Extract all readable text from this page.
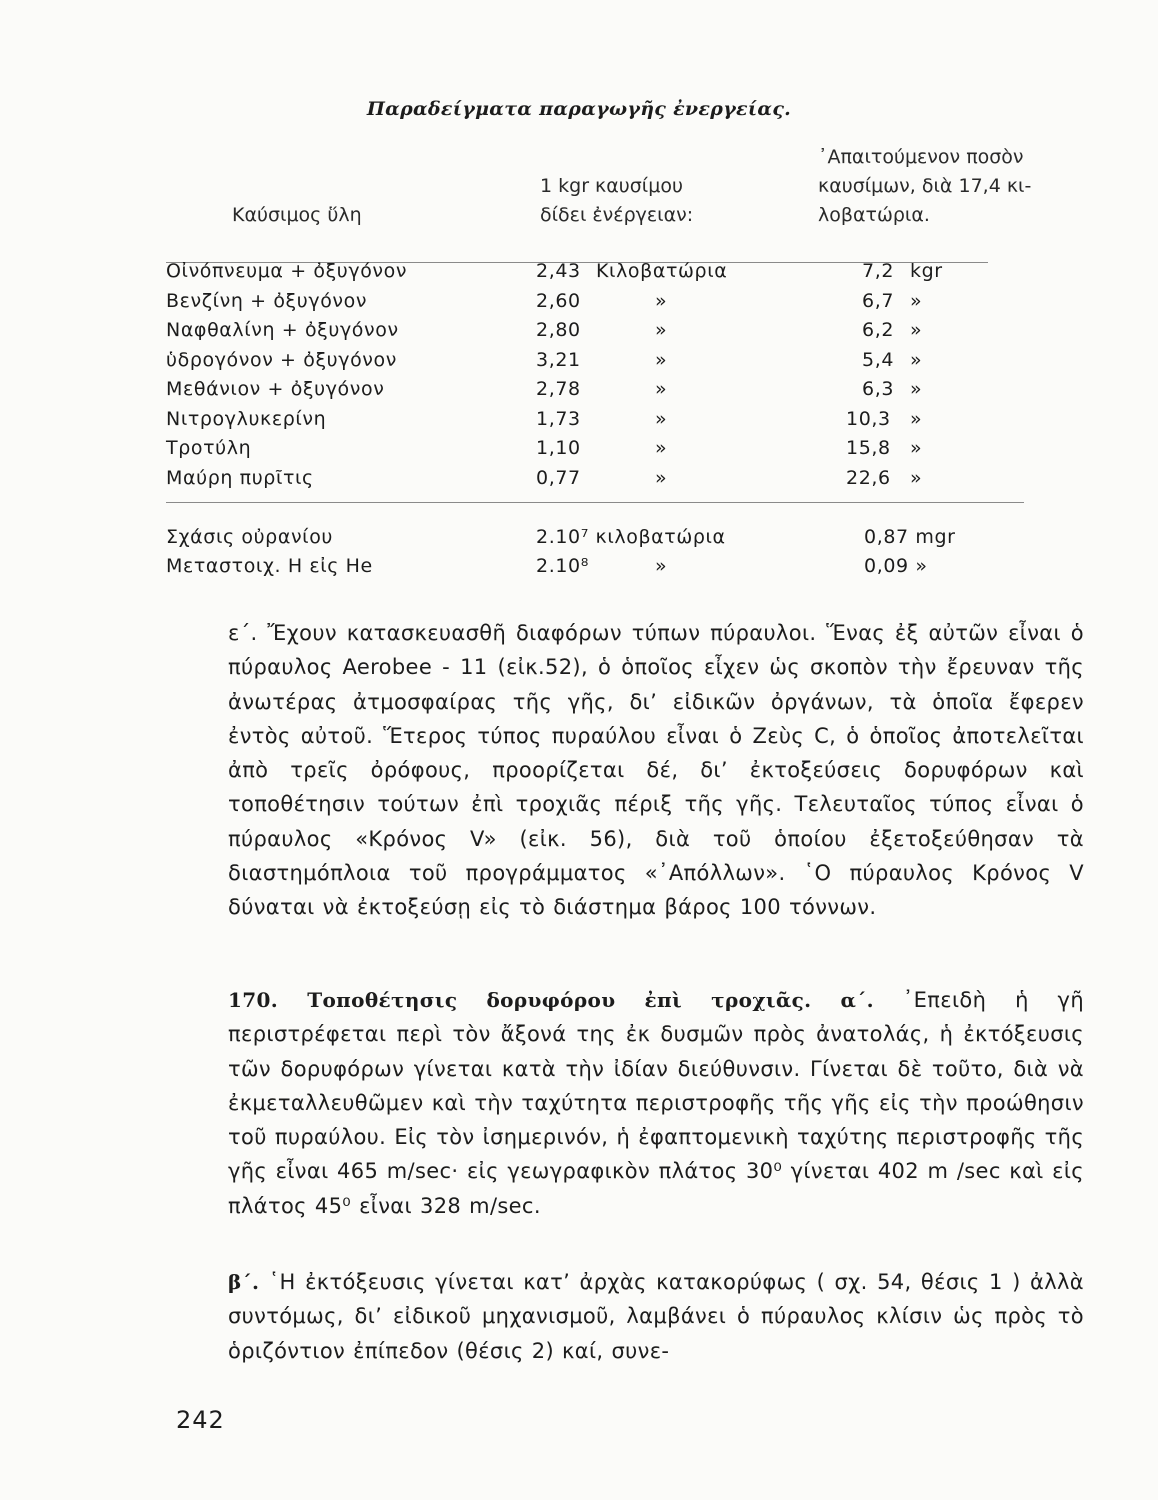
Παραδείγματα παραγωγῆς ἐνεργείας.
Καύσιμος ὕλη
1 kgr καυσίμου
δίδει ἐνέργειαν:
᾿Απαιτούμενον ποσὸν
καυσίμων, διὰ 17,4 κι-
λοβατώρια.
Οἰνόπνευμα + ὀξυγόνον	2,43 Κιλοβατώρια	7,2 kgr
Βενζίνη + ὀξυγόνον	2,60	»	6,7 »
Ναφθαλίνη + ὀξυγόνον	2,80	»	6,2 »
ὑδρογόνον + ὀξυγόνον	3,21	»	5,4 »
Μεθάνιον + ὀξυγόνον	2,78	»	6,3 »
Νιτρογλυκερίνη	1,73	»	10,3 »
Τροτύλη	1,10	»	15,8 »
Μαύρη πυρῖτις	0,77	»	22,6 »
Σχάσις οὐρανίου	2.10⁷ κιλοβατώρια	0,87 mgr
Μεταστοιχ. Η εἰς He	2.10⁸	»	0,09 »
ε΄. Ἔχουν κατασκευασθῆ διαφόρων τύπων πύραυλοι. Ἕνας ἐξ αὐτῶν εἶναι ὁ πύραυλος Aerobee - 11 (εἰκ.52), ὁ ὁποῖος εἶχεν ὡς σκοπὸν τὴν ἔρευναν τῆς ἀνωτέρας ἀτμοσφαίρας τῆς γῆς, δι’ εἰδικῶν ὀργάνων, τὰ ὁποῖα ἔφερεν ἐντὸς αὐτοῦ. Ἕτερος τύπος πυραύλου εἶναι ὁ Ζεὺς C, ὁ ὁποῖος ἀποτελεῖται ἀπὸ τρεῖς ὀρόφους, προορίζεται δέ, δι’ ἐκτοξεύσεις δορυφόρων καὶ τοποθέτησιν τούτων ἐπὶ τροχιᾶς πέριξ τῆς γῆς. Τελευταῖος τύπος εἶναι ὁ πύραυλος «Κρόνος V» (εἰκ. 56), διὰ τοῦ ὁποίου ἐξετοξεύθησαν τὰ διαστημόπλοια τοῦ προγράμματος «᾿Απόλλων». ῾Ο πύραυλος Κρόνος V δύναται νὰ ἐκτοξεύσῃ εἰς τὸ διάστημα βάρος 100 τόννων.
170. Τοποθέτησις δορυφόρου ἐπὶ τροχιᾶς. α΄. ᾿Επειδὴ ἡ γῆ περιστρέφεται περὶ τὸν ἄξονά της ἐκ δυσμῶν πρὸς ἀνατολάς, ἡ ἐκτόξευσις τῶν δορυφόρων γίνεται κατὰ τὴν ἰδίαν διεύθυνσιν. Γίνεται δὲ τοῦτο, διὰ νὰ ἐκμεταλλευθῶμεν καὶ τὴν ταχύτητα περιστροφῆς τῆς γῆς εἰς τὴν προώθησιν τοῦ πυραύλου. Εἰς τὸν ἰσημερινόν, ἡ ἐφαπτομενικὴ ταχύτης περιστροφῆς τῆς γῆς εἶναι 465 m/sec· εἰς γεωγραφικὸν πλάτος 30⁰ γίνεται 402 m /sec καὶ εἰς πλάτος 45⁰ εἶναι 328 m/sec.
β΄. ῾Η ἐκτόξευσις γίνεται κατ’ ἀρχὰς κατακορύφως ( σχ. 54, θέσις 1 ) ἀλλὰ συντόμως, δι’ εἰδικοῦ μηχανισμοῦ, λαμβάνει ὁ πύραυλος κλίσιν ὡς πρὸς τὸ ὁριζόντιον ἐπίπεδον (θέσις 2) καί, συνε-
242
